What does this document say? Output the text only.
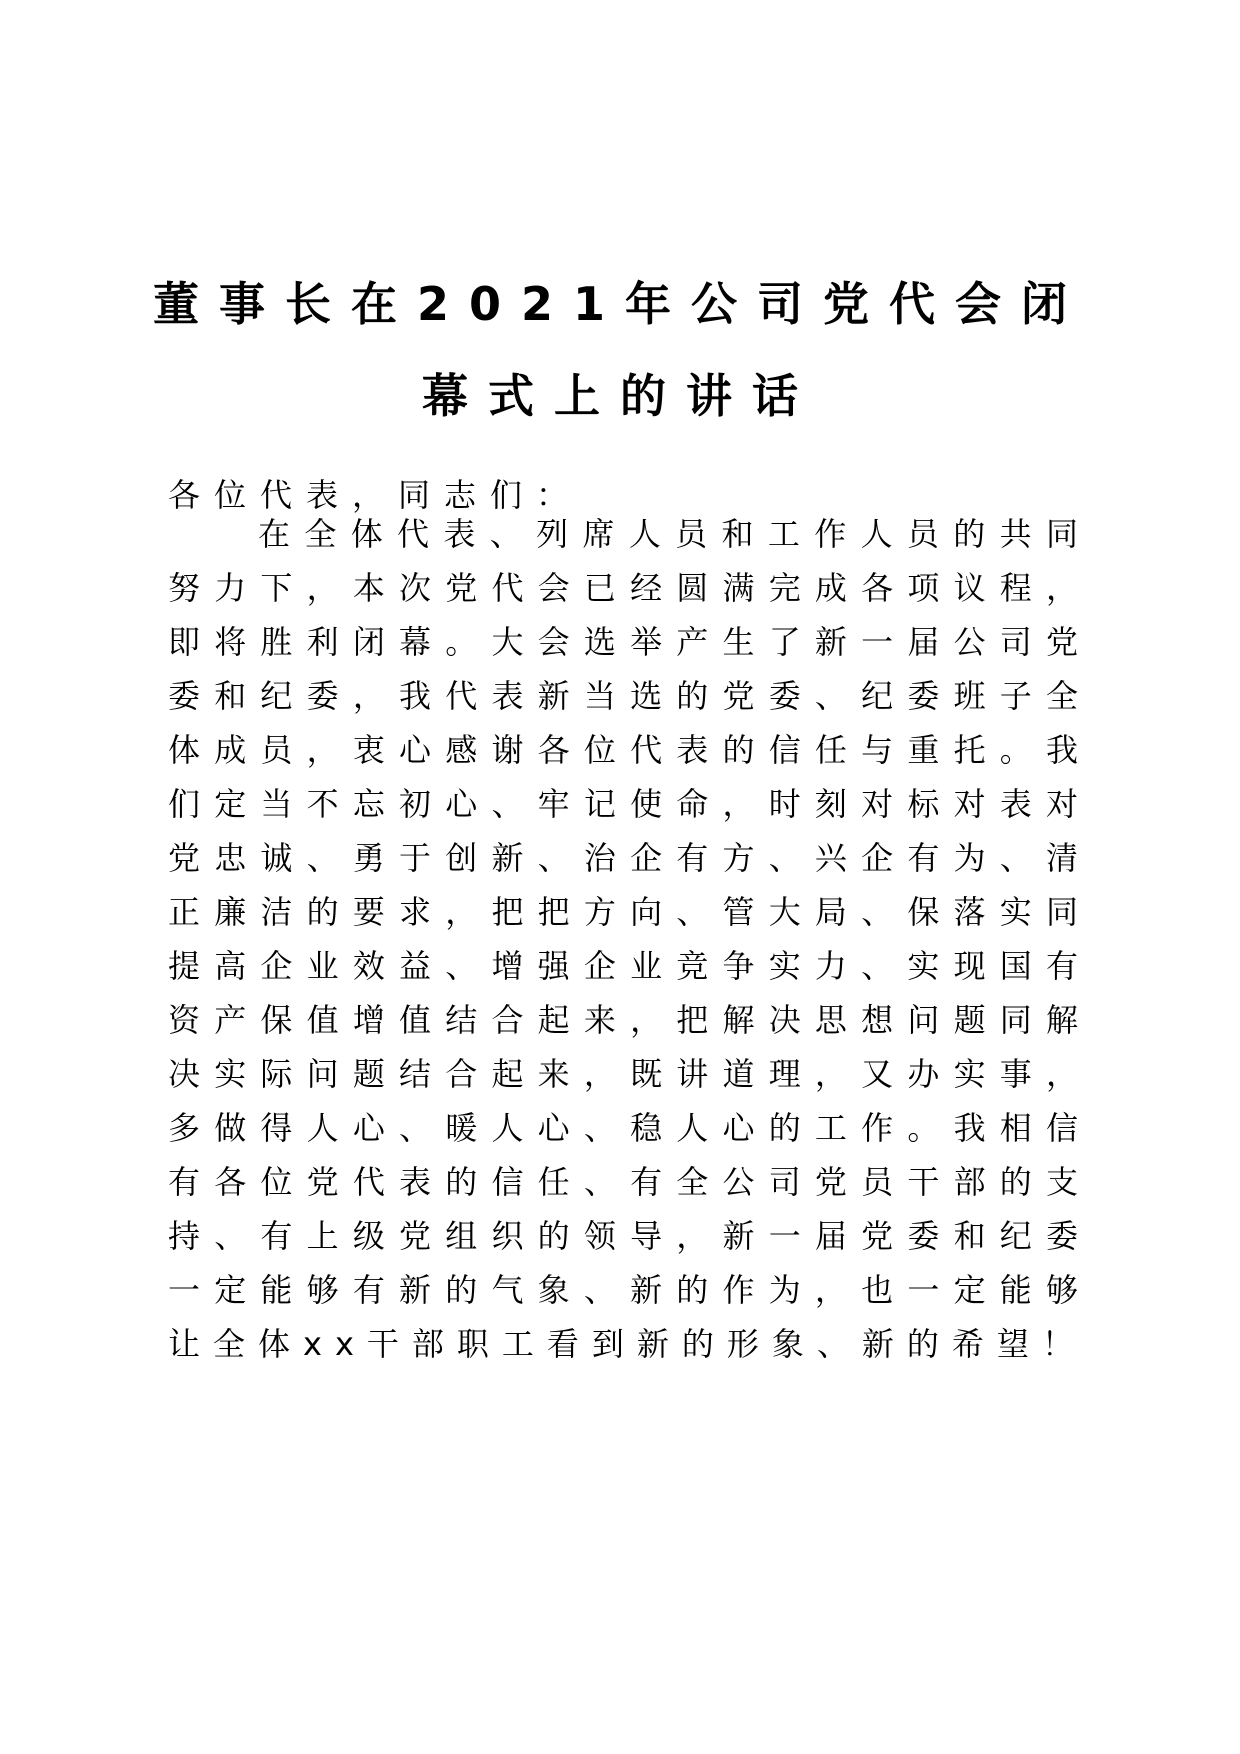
董事长在2021年公司党代会闭
幕式上的讲话
各位代表，同志们：
在全体代表、列席人员和工作人员的共同
努力下，本次党代会已经圆满完成各项议程，
即将胜利闭幕。大会选举产生了新一届公司党
委和纪委，我代表新当选的党委、纪委班子全
体成员，衷心感谢各位代表的信任与重托。我
们定当不忘初心、牢记使命，时刻对标对表对
党忠诚、勇于创新、治企有方、兴企有为、清
正廉洁的要求，把把方向、管大局、保落实同
提高企业效益、增强企业竞争实力、实现国有
资产保值增值结合起来，把解决思想问题同解
决实际问题结合起来，既讲道理，又办实事，
多做得人心、暖人心、稳人心的工作。我相信
有各位党代表的信任、有全公司党员干部的支
持、有上级党组织的领导，新一届党委和纪委
一定能够有新的气象、新的作为，也一定能够
让全体xx干部职工看到新的形象、新的希望！
